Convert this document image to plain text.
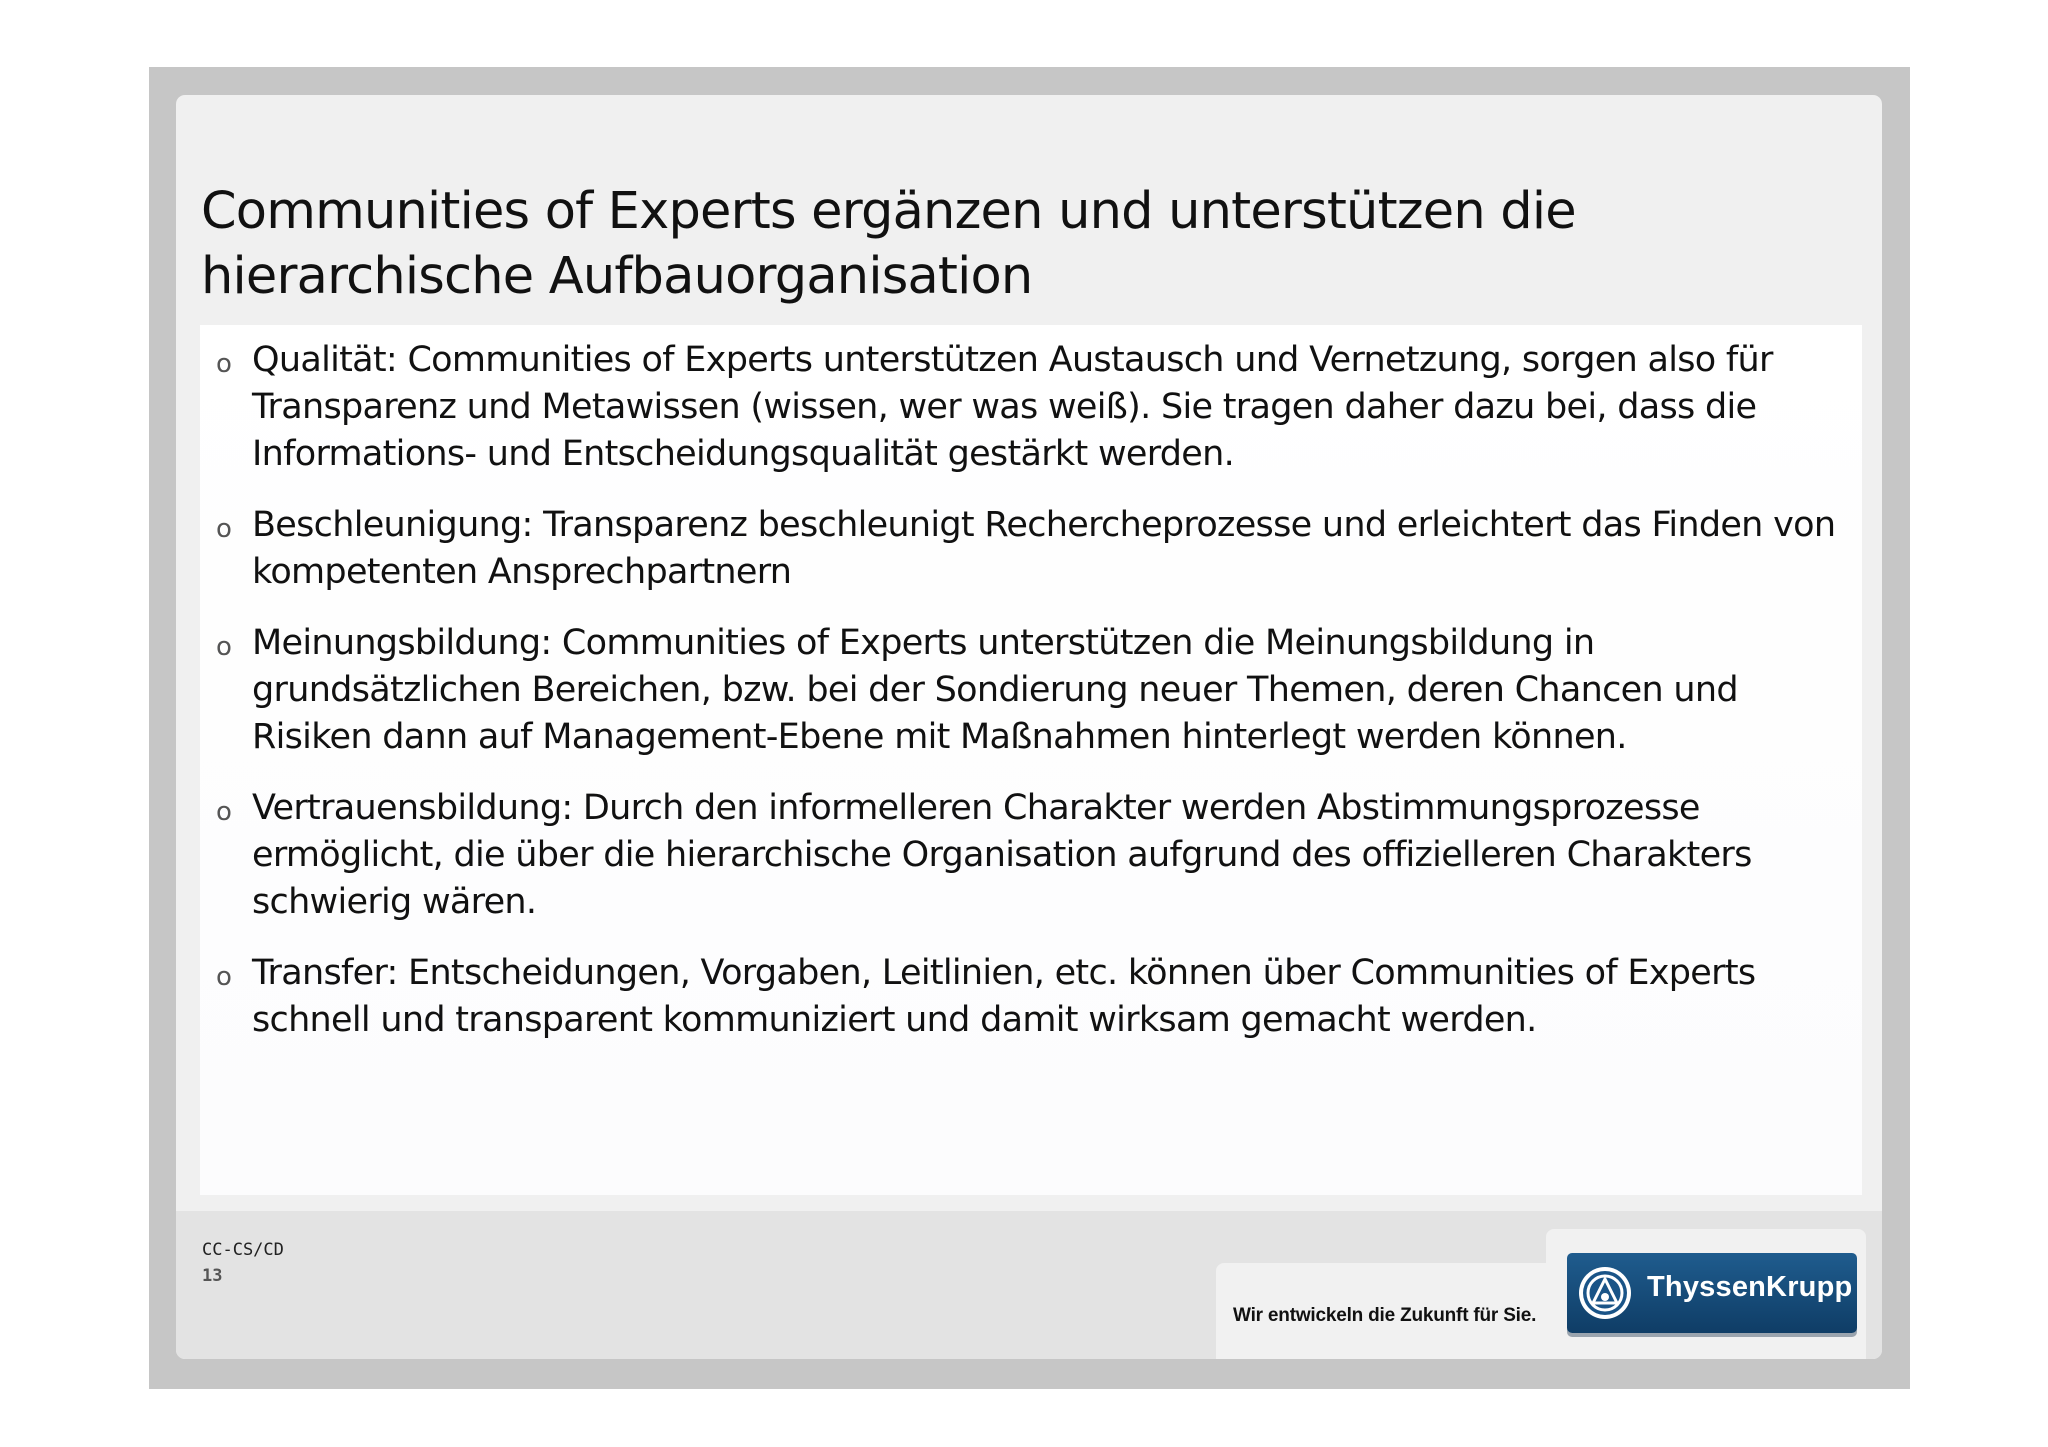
Communities of Experts ergänzen und unterstützen die hierarchische Aufbauorganisation
o Qualität: Communities of Experts unterstützen Austausch und Vernetzung, sorgen also für Transparenz und Metawissen (wissen, wer was weiß). Sie tragen daher dazu bei, dass die Informations- und Entscheidungsqualität gestärkt werden.
o Beschleunigung: Transparenz beschleunigt Rechercheprozesse und erleichtert das Finden von kompetenten Ansprechpartnern
o Meinungsbildung: Communities of Experts unterstützen die Meinungsbildung in grundsätzlichen Bereichen, bzw. bei der Sondierung neuer Themen, deren Chancen und Risiken dann auf Management-Ebene mit Maßnahmen hinterlegt werden können.
o Vertrauensbildung: Durch den informelleren Charakter werden Abstimmungsprozesse ermöglicht, die über die hierarchische Organisation aufgrund des offizielleren Charakters schwierig wären.
o Transfer: Entscheidungen, Vorgaben, Leitlinien, etc. können über Communities of Experts schnell und transparent kommuniziert und damit wirksam gemacht werden.
CC-CS/CD
13
Wir entwickeln die Zukunft für Sie.
ThyssenKrupp
